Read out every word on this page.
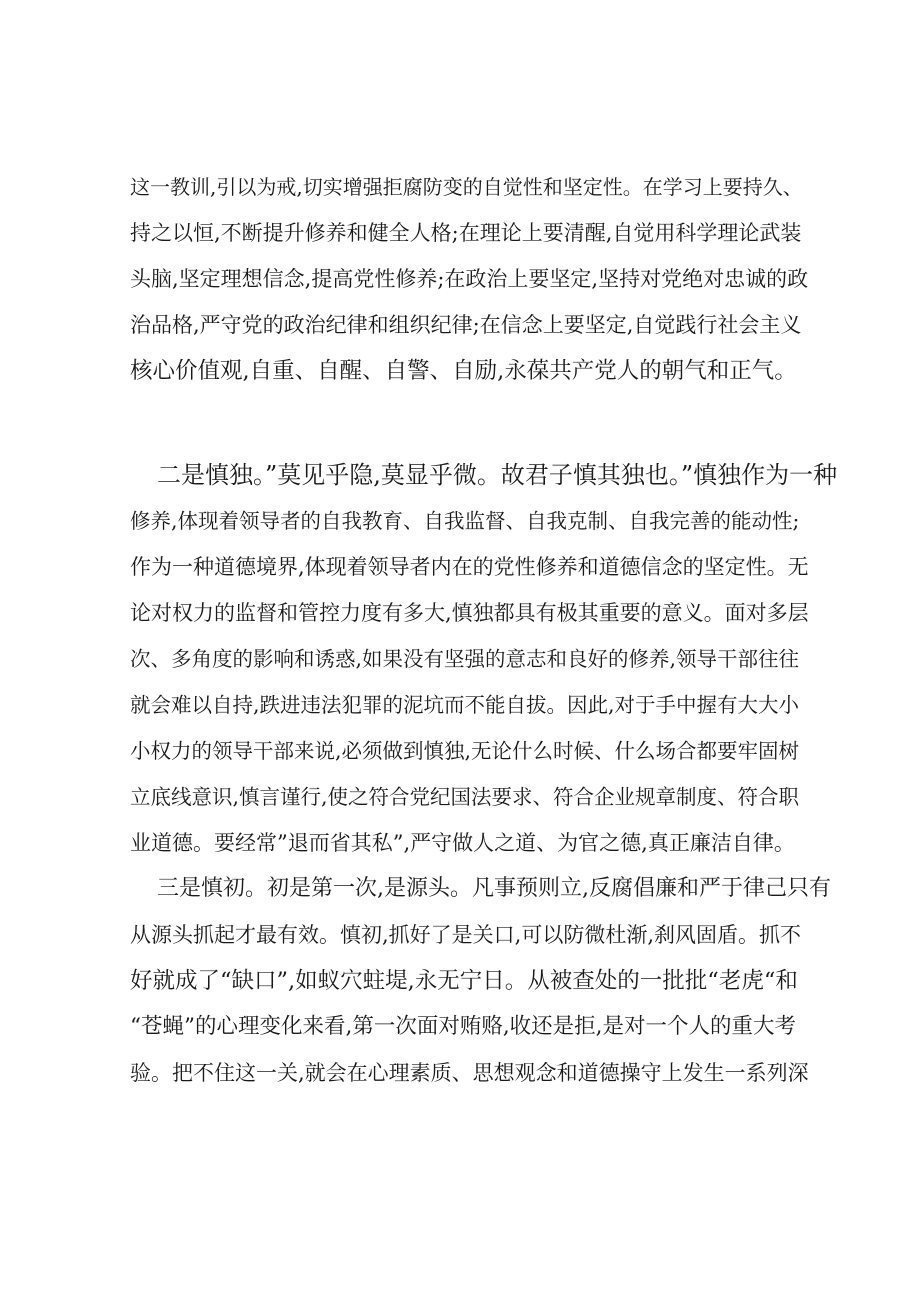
这一教训,引以为戒,切实增强拒腐防变的自觉性和坚定性。在学习上要持久、
持之以恒,不断提升修养和健全人格;在理论上要清醒,自觉用科学理论武装
头脑,坚定理想信念,提高党性修养;在政治上要坚定,坚持对党绝对忠诚的政
治品格,严守党的政治纪律和组织纪律;在信念上要坚定,自觉践行社会主义
核心价值观,自重、自醒、自警、自励,永葆共产党人的朝气和正气。
二是慎独。”莫见乎隐,莫显乎微。故君子慎其独也。”慎独作为一种
修养,体现着领导者的自我教育、自我监督、自我克制、自我完善的能动性;
作为一种道德境界,体现着领导者内在的党性修养和道德信念的坚定性。无
论对权力的监督和管控力度有多大,慎独都具有极其重要的意义。面对多层
次、多角度的影响和诱惑,如果没有坚强的意志和良好的修养,领导干部往往
就会难以自持,跌进违法犯罪的泥坑而不能自拔。因此,对于手中握有大大小
小权力的领导干部来说,必须做到慎独,无论什么时候、什么场合都要牢固树
立底线意识,慎言谨行,使之符合党纪国法要求、符合企业规章制度、符合职
业道德。要经常”退而省其私”,严守做人之道、为官之德,真正廉洁自律。
三是慎初。初是第一次,是源头。凡事预则立,反腐倡廉和严于律己只有
从源头抓起才最有效。慎初,抓好了是关口,可以防微杜渐,刹风固盾。抓不
好就成了“缺口”,如蚁穴蛀堤,永无宁日。从被查处的一批批“老虎“和
“苍蝇”的心理变化来看,第一次面对贿赂,收还是拒,是对一个人的重大考
验。把不住这一关,就会在心理素质、思想观念和道德操守上发生一系列深
